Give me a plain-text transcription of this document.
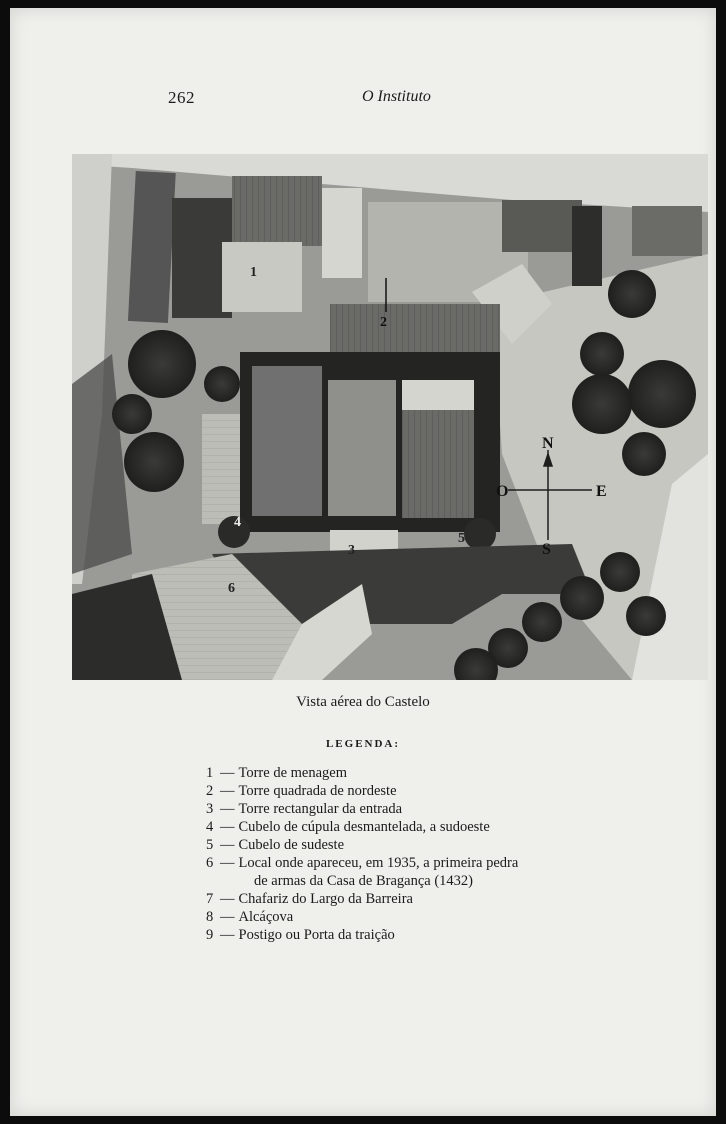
262	O Instituto
N
S
E
O
1
2
3
4
5
6
Vista aérea do Castelo
LEGENDA:
1 — Torre de menagem
2 — Torre quadrada de nordeste
3 — Torre rectangular da entrada
4 — Cubelo de cúpula desmantelada, a sudoeste
5 — Cubelo de sudeste
6 — Local onde apareceu, em 1935, a primeira pedra
de armas da Casa de Bragança (1432)
7 — Chafariz do Largo da Barreira
8 — Alcáçova
9 — Postigo ou Porta da traição
